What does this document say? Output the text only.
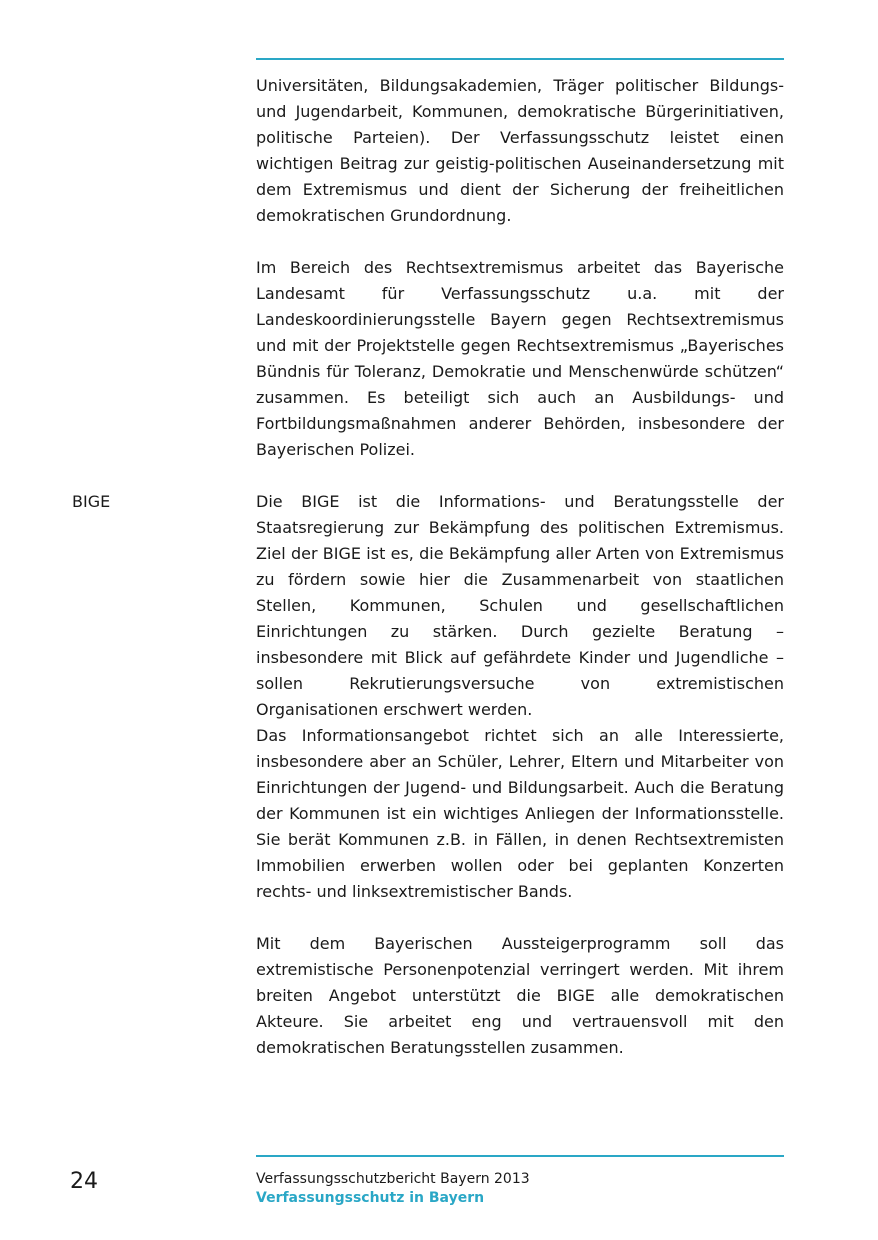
Universitäten, Bildungsakademien, Träger politischer Bildungs- und Jugendarbeit, Kommunen, demokratische Bürgerinitiativen, politische Parteien). Der Verfassungsschutz leistet einen wichtigen Beitrag zur geistig-politischen Auseinandersetzung mit dem Extremismus und dient der Sicherung der freiheitlichen demokratischen Grundordnung.

Im Bereich des Rechtsextremismus arbeitet das Bayerische Landesamt für Verfassungsschutz u.a. mit der Landeskoordinierungsstelle Bayern gegen Rechtsextremismus und mit der Projektstelle gegen Rechtsextremismus „Bayerisches Bündnis für Toleranz, Demokratie und Menschenwürde schützen“ zusammen. Es beteiligt sich auch an Ausbildungs- und Fortbildungsmaßnahmen anderer Behörden, insbesondere der Bayerischen Polizei.

BIGE	Die BIGE ist die Informations- und Beratungsstelle der Staatsregierung zur Bekämpfung des politischen Extremismus. Ziel der BIGE ist es, die Bekämpfung aller Arten von Extremismus zu fördern sowie hier die Zusammenarbeit von staatlichen Stellen, Kommunen, Schulen und gesellschaftlichen Einrichtungen zu stärken. Durch gezielte Beratung – insbesondere mit Blick auf gefährdete Kinder und Jugendliche – sollen Rekrutierungsversuche von extremistischen Organisationen erschwert werden.

Das Informationsangebot richtet sich an alle Interessierte, insbesondere aber an Schüler, Lehrer, Eltern und Mitarbeiter von Einrichtungen der Jugend- und Bildungsarbeit. Auch die Beratung der Kommunen ist ein wichtiges Anliegen der Informationsstelle. Sie berät Kommunen z.B. in Fällen, in denen Rechtsextremisten Immobilien erwerben wollen oder bei geplanten Konzerten rechts- und linksextremistischer Bands.

Mit dem Bayerischen Aussteigerprogramm soll das extremistische Personenpotenzial verringert werden. Mit ihrem breiten Angebot unterstützt die BIGE alle demokratischen Akteure. Sie arbeitet eng und vertrauensvoll mit den demokratischen Beratungsstellen zusammen.

24	Verfassungsschutzbericht Bayern 2013
Verfassungsschutz in Bayern
